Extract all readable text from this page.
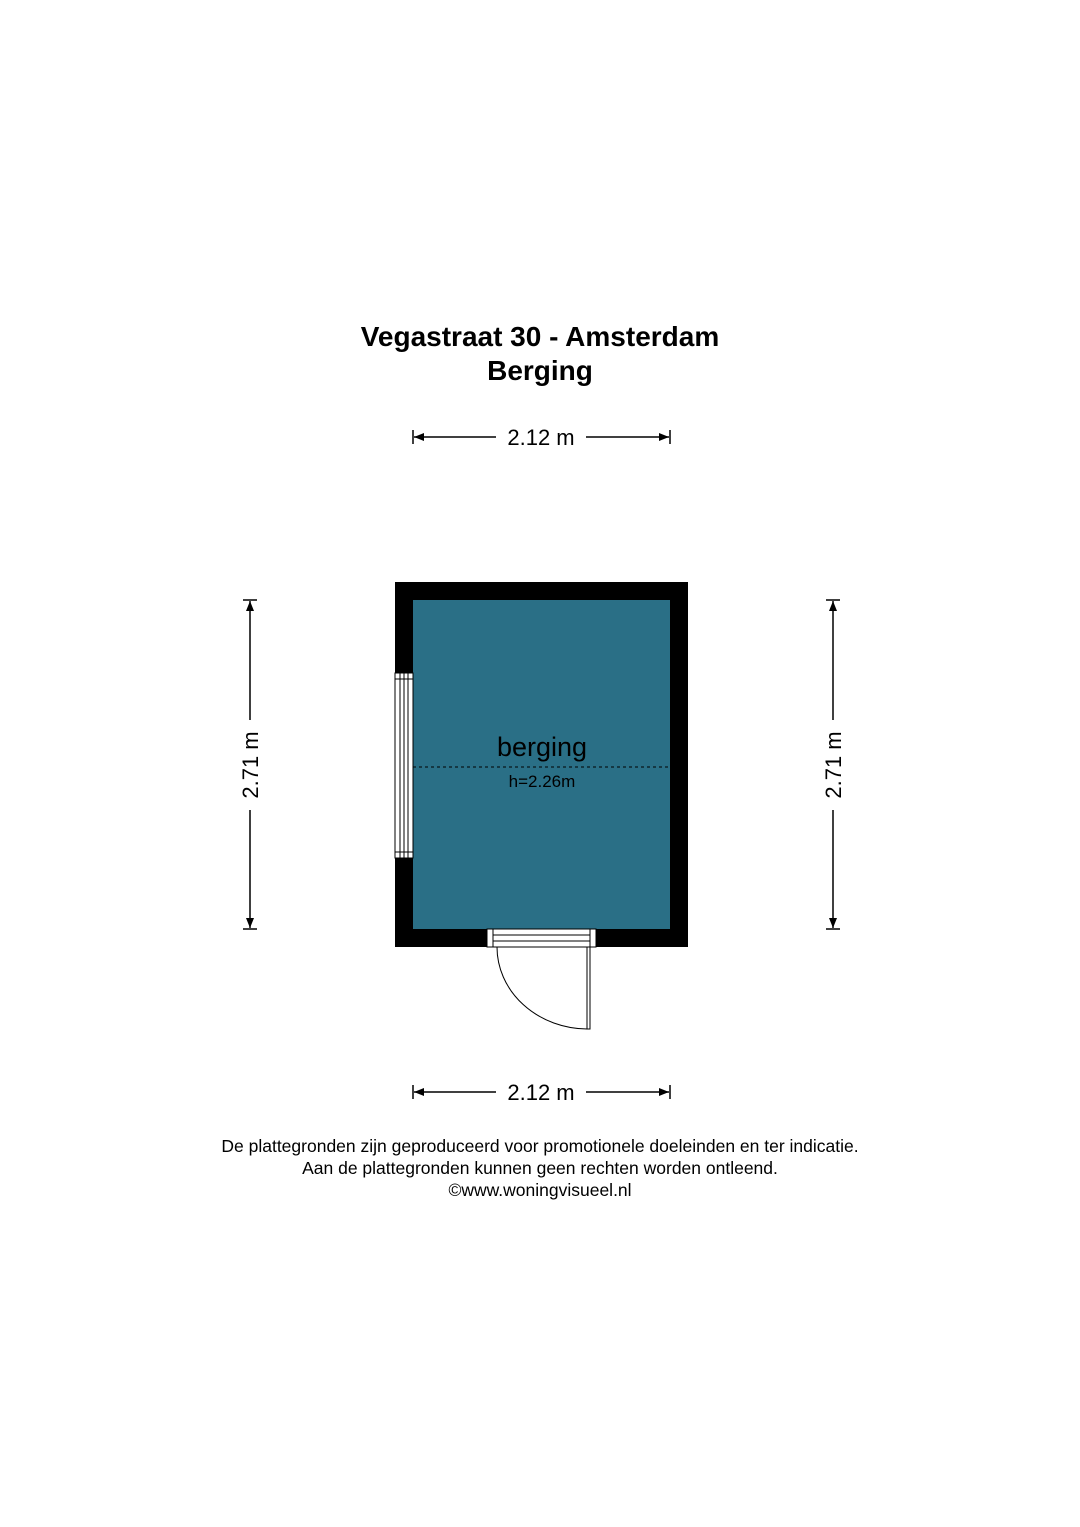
Vegastraat 30 - Amsterdam
Berging
2.12 m
2.12 m
2.71 m	2.71 m
berging
h=2.26m
De plattegronden zijn geproduceerd voor promotionele doeleinden en ter indicatie.
Aan de plattegronden kunnen geen rechten worden ontleend.
©www.woningvisueel.nl
